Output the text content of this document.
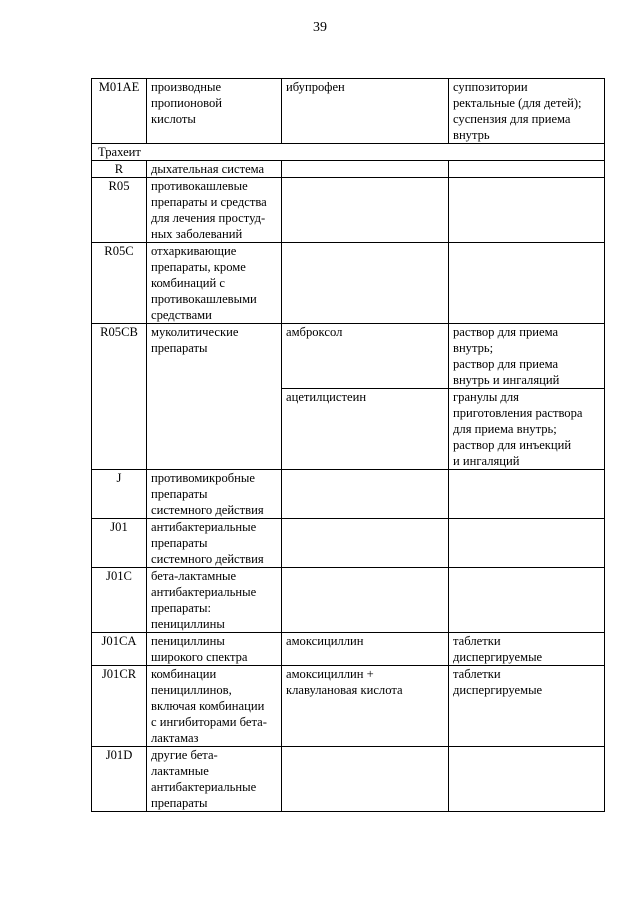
39
M01AE	производные
пропионовой
кислоты	ибупрофен	суппозитории
ректальные (для детей);
суспензия для приема
внутрь

Трахеит			
R	дыхательная система		

R05	противокашлевые
препараты и средства
для лечения простуд-
ных заболеваний		

R05C	отхаркивающие
препараты, кроме
комбинаций с
противокашлевыми
средствами		

R05CB	муколитические
препараты	амброксол	раствор для приема
внутрь;
раствор для приема
внутрь и ингаляций

		ацетилцистеин	гранулы для
приготовления раствора
для приема внутрь;
раствор для инъекций
и ингаляций

J	противомикробные
препараты
системного действия		

J01	антибактериальные
препараты
системного действия		

J01C	бета-лактамные
антибактериальные
препараты:
пенициллины		

J01CA	пенициллины
широкого спектра	амоксициллин	таблетки
диспергируемые

J01CR	комбинации
пенициллинов,
включая комбинации
с ингибиторами бета-
лактамаз	амоксициллин +
клавулановая кислота	таблетки
диспергируемые

J01D	другие бета-
лактамные
антибактериальные
препараты		
